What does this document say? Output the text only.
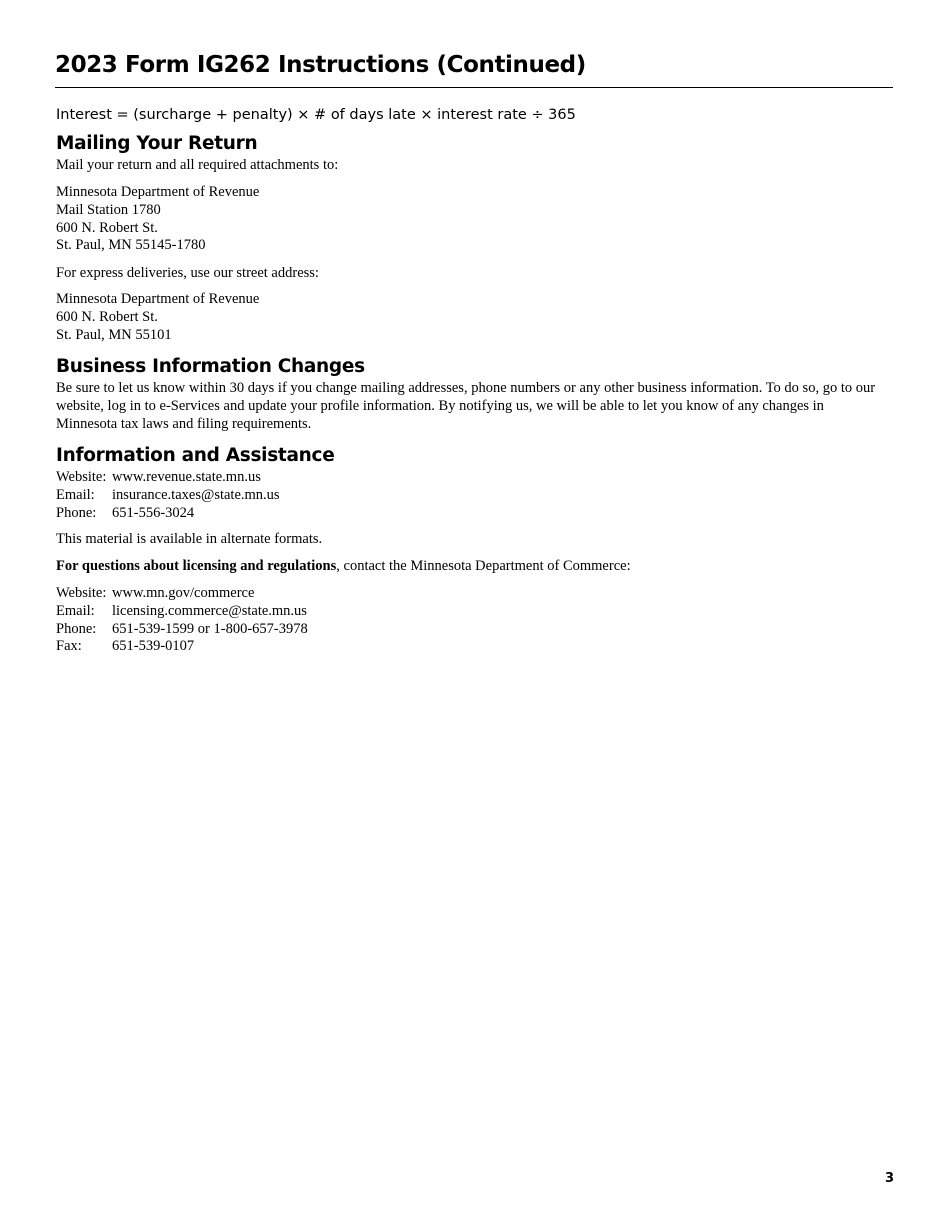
2023 Form IG262 Instructions (Continued)
Interest = (surcharge + penalty) × # of days late × interest rate ÷ 365
Mailing Your Return

Mail your return and all required attachments to:

Minnesota Department of Revenue
Mail Station 1780
600 N. Robert St.
St. Paul, MN 55145-1780

For express deliveries, use our street address:

Minnesota Department of Revenue
600 N. Robert St.
St. Paul, MN 55101
Business Information Changes

Be sure to let us know within 30 days if you change mailing addresses, phone numbers or any other business information. To do so, go to our website, log in to e-Services and update your profile information. By notifying us, we will be able to let you know of any changes in Minnesota tax laws and filing requirements.

Information and Assistance
Website: www.revenue.state.mn.us
Email:	insurance.taxes@state.mn.us
Phone:	651-556-3024

This material is available in alternate formats.

For questions about licensing and regulations, contact the Minnesota Department of Commerce:

Website: www.mn.gov/commerce
Email:	licensing.commerce@state.mn.us
Phone:	651-539-1599 or 1-800-657-3978
Fax:	651-539-0107
3
